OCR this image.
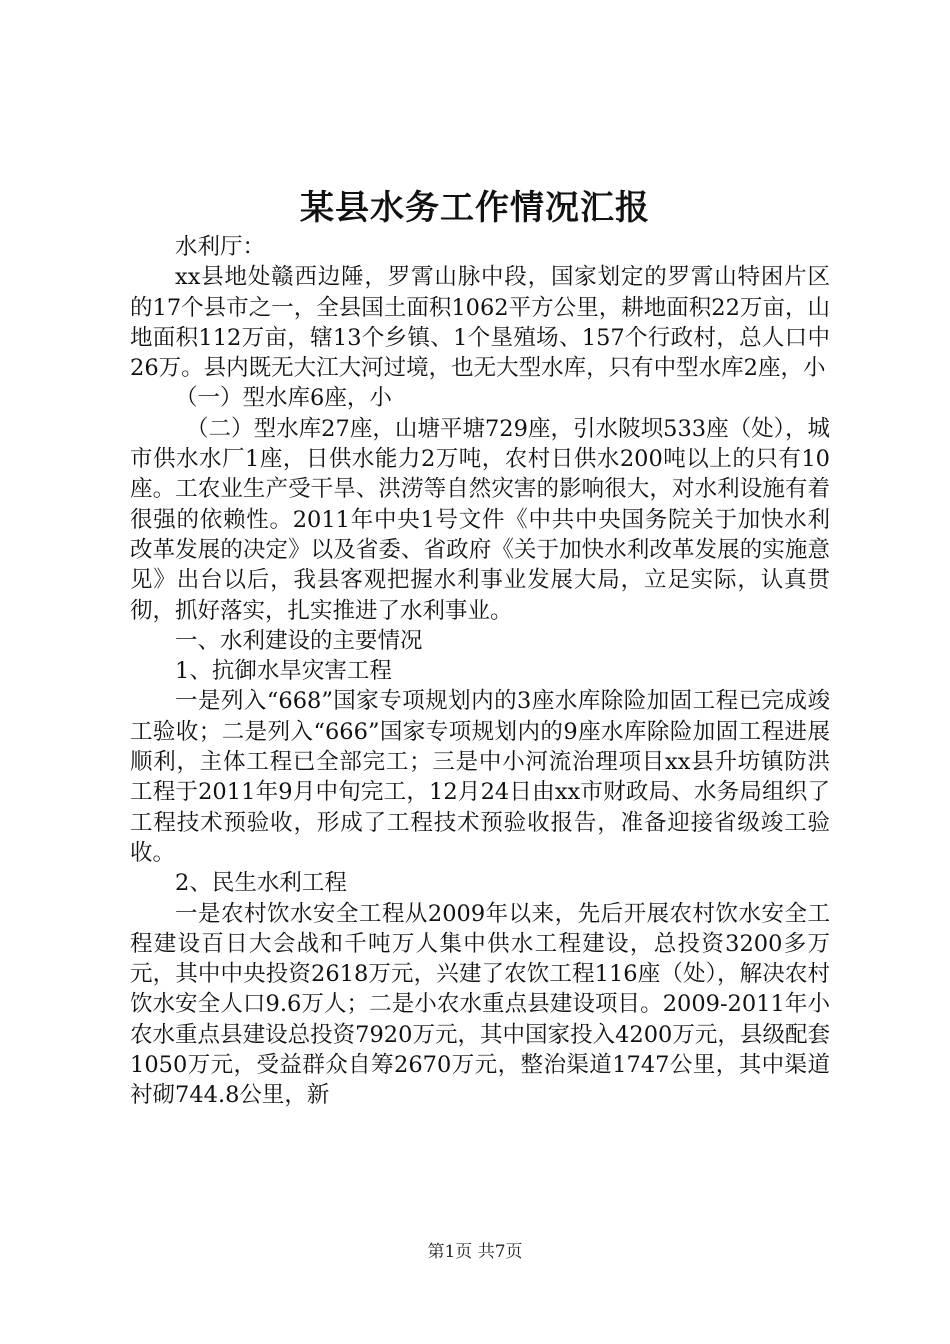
某县水务工作情况汇报

水利厅：

xx县地处赣西边陲，罗霄山脉中段，国家划定的罗霄山特困片区的17个县市之一，全县国土面积1062平方公里，耕地面积22万亩，山地面积112万亩，辖13个乡镇、1个垦殖场、157个行政村，总人口中26万。县内既无大江大河过境，也无大型水库，只有中型水库2座，小

（一）型水库6座，小

（二）型水库27座，山塘平塘729座，引水陂坝533座（处），城市供水水厂1座，日供水能力2万吨，农村日供水200吨以上的只有10座。工农业生产受干旱、洪涝等自然灾害的影响很大，对水利设施有着很强的依赖性。2011年中央1号文件《中共中央国务院关于加快水利改革发展的决定》以及省委、省政府《关于加快水利改革发展的实施意见》出台以后，我县客观把握水利事业发展大局，立足实际，认真贯彻，抓好落实，扎实推进了水利事业。

一、水利建设的主要情况

1、抗御水旱灾害工程

一是列入“668”国家专项规划内的3座水库除险加固工程已完成竣工验收；二是列入“666”国家专项规划内的9座水库除险加固工程进展顺利，主体工程已全部完工；三是中小河流治理项目xx县升坊镇防洪工程于2011年9月中旬完工，12月24日由xx市财政局、水务局组织了工程技术预验收，形成了工程技术预验收报告，准备迎接省级竣工验收。

2、民生水利工程

一是农村饮水安全工程从2009年以来，先后开展农村饮水安全工程建设百日大会战和千吨万人集中供水工程建设，总投资3200多万元，其中中央投资2618万元，兴建了农饮工程116座（处），解决农村饮水安全人口9.6万人；二是小农水重点县建设项目。2009-2011年小农水重点县建设总投资7920万元，其中国家投入4200万元，县级配套1050万元，受益群众自筹2670万元，整治渠道1747公里，其中渠道衬砌744.8公里，新

第1页 共7页
